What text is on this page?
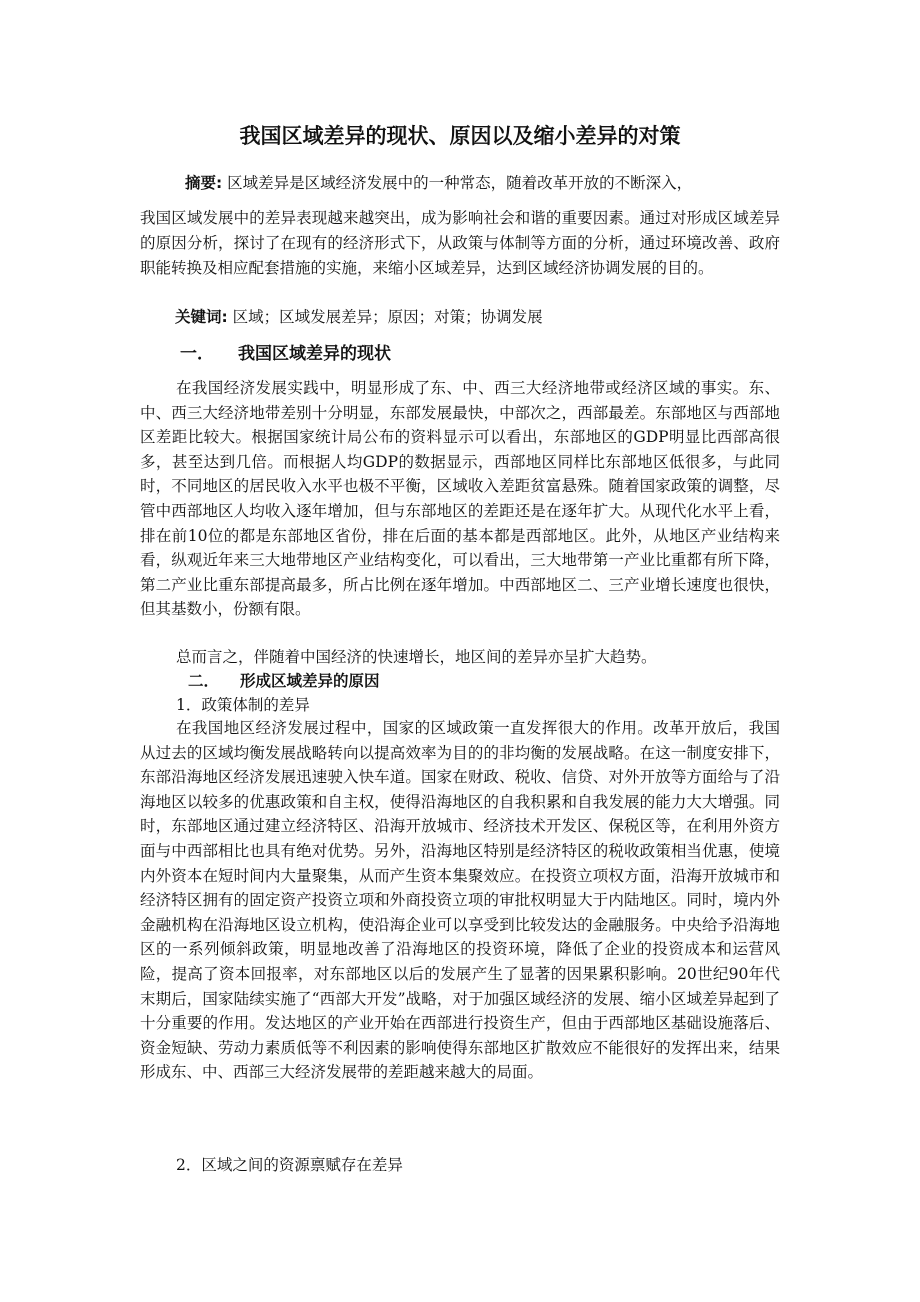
我国区域差异的现状、原因以及缩小差异的对策
摘要: 区域差异是区域经济发展中的一种常态，随着改革开放的不断深入，
我国区域发展中的差异表现越来越突出，成为影响社会和谐的重要因素。通过对形成区域差异的原因分析，探讨了在现有的经济形式下，从政策与体制等方面的分析，通过环境改善、政府职能转换及相应配套措施的实施，来缩小区域差异，达到区域经济协调发展的目的。
关键词: 区域；区域发展差异；原因；对策；协调发展
一． 我国区域差异的现状
在我国经济发展实践中，明显形成了东、中、西三大经济地带或经济区域的事实。东、中、西三大经济地带差别十分明显，东部发展最快，中部次之，西部最差。东部地区与西部地区差距比较大。根据国家统计局公布的资料显示可以看出，东部地区的GDP明显比西部高很多，甚至达到几倍。而根据人均GDP的数据显示，西部地区同样比东部地区低很多，与此同时，不同地区的居民收入水平也极不平衡，区域收入差距贫富悬殊。随着国家政策的调整，尽管中西部地区人均收入逐年增加，但与东部地区的差距还是在逐年扩大。从现代化水平上看，排在前10位的都是东部地区省份，排在后面的基本都是西部地区。此外，从地区产业结构来看，纵观近年来三大地带地区产业结构变化，可以看出，三大地带第一产业比重都有所下降，第二产业比重东部提高最多，所占比例在逐年增加。中西部地区二、三产业增长速度也很快，但其基数小，份额有限。
总而言之，伴随着中国经济的快速增长，地区间的差异亦呈扩大趋势。
二． 形成区域差异的原因
1．政策体制的差异
在我国地区经济发展过程中，国家的区域政策一直发挥很大的作用。改革开放后，我国从过去的区域均衡发展战略转向以提高效率为目的的非均衡的发展战略。在这一制度安排下，东部沿海地区经济发展迅速驶入快车道。国家在财政、税收、信贷、对外开放等方面给与了沿海地区以较多的优惠政策和自主权，使得沿海地区的自我积累和自我发展的能力大大增强。同时，东部地区通过建立经济特区、沿海开放城市、经济技术开发区、保税区等，在利用外资方面与中西部相比也具有绝对优势。另外，沿海地区特别是经济特区的税收政策相当优惠，使境内外资本在短时间内大量聚集，从而产生资本集聚效应。在投资立项权方面，沿海开放城市和经济特区拥有的固定资产投资立项和外商投资立项的审批权明显大于内陆地区。同时，境内外金融机构在沿海地区设立机构，使沿海企业可以享受到比较发达的金融服务。中央给予沿海地区的一系列倾斜政策，明显地改善了沿海地区的投资环境，降低了企业的投资成本和运营风险，提高了资本回报率，对东部地区以后的发展产生了显著的因果累积影响。20世纪90年代末期后，国家陆续实施了“西部大开发”战略，对于加强区域经济的发展、缩小区域差异起到了十分重要的作用。发达地区的产业开始在西部进行投资生产，但由于西部地区基础设施落后、资金短缺、劳动力素质低等不利因素的影响使得东部地区扩散效应不能很好的发挥出来，结果形成东、中、西部三大经济发展带的差距越来越大的局面。
2．区域之间的资源禀赋存在差异
